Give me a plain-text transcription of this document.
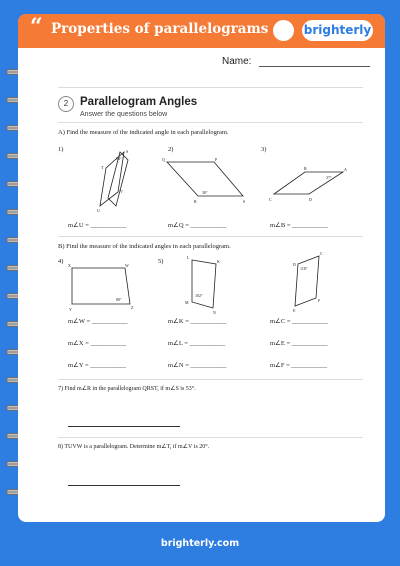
“ Properties of parallelograms	brighterly
Name:
2	Parallelogram Angles
Answer the questions below
A) Find the measure of the indicated angle in each parallelogram.
1)	S
T
V
U
64°
m∠U = ___________
2)
Q	P
S
R
30°
m∠Q = ___________
3)
B	A
D
C
37°
m∠B = ___________
B) Find the measure of the indicated angles in each parallelogram.
4)
X	W
Z
Y
80°
m∠W = ___________
m∠X = ___________
m∠Y = ___________
5)
L
K
N
M
102°
m∠K = ___________
m∠L = ___________
m∠N = ___________
D
C
F
E
118°
m∠C = ___________
m∠E = ___________
m∠F = ___________
7) Find m∠R in the parallelogram QRST, if m∠S is 53°.
8) TUVW is a parallelogram. Determine m∠T, if m∠V is 20°.
brighterly.com
